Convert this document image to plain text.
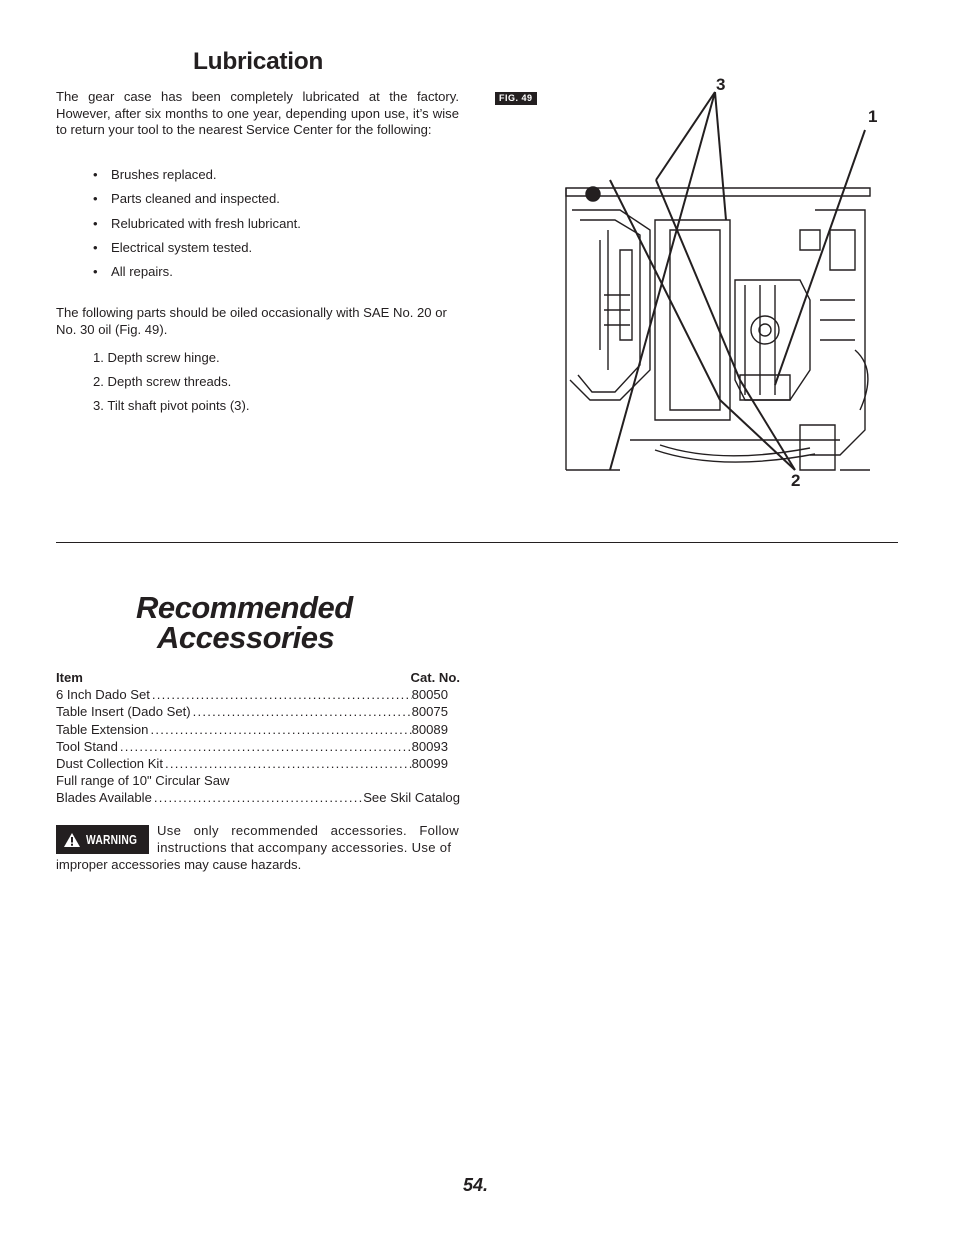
Lubrication

The gear case has been completely lubricated at the factory. However, after six months to one year, depending upon use, it’s wise to return your tool to the nearest Service Center for the following:

• Brushes replaced.
• Parts cleaned and inspected.
• Relubricated with fresh lubricant.
• Electrical system tested.
• All repairs.

The following parts should be oiled occasionally with SAE No. 20 or No. 30 oil (Fig. 49).

1. Depth screw hinge.
2. Depth screw threads.
3. Tilt shaft pivot points (3).
FIG. 49
3
1
2
Recommended
Accessories
Item	Cat. No.
6 Inch Dado Set . . .	80050
Table Insert (Dado Set) . . .	80075
Table Extension . . .	80089
Tool Stand . . .	80093
Dust Collection Kit . . .	80099
Full range of 10" Circular Saw
Blades Available . . .	See Skil Catalog
WARNING

Use only recommended accessories. Follow instructions that accompany accessories. Use of

improper accessories may cause hazards.

54.
